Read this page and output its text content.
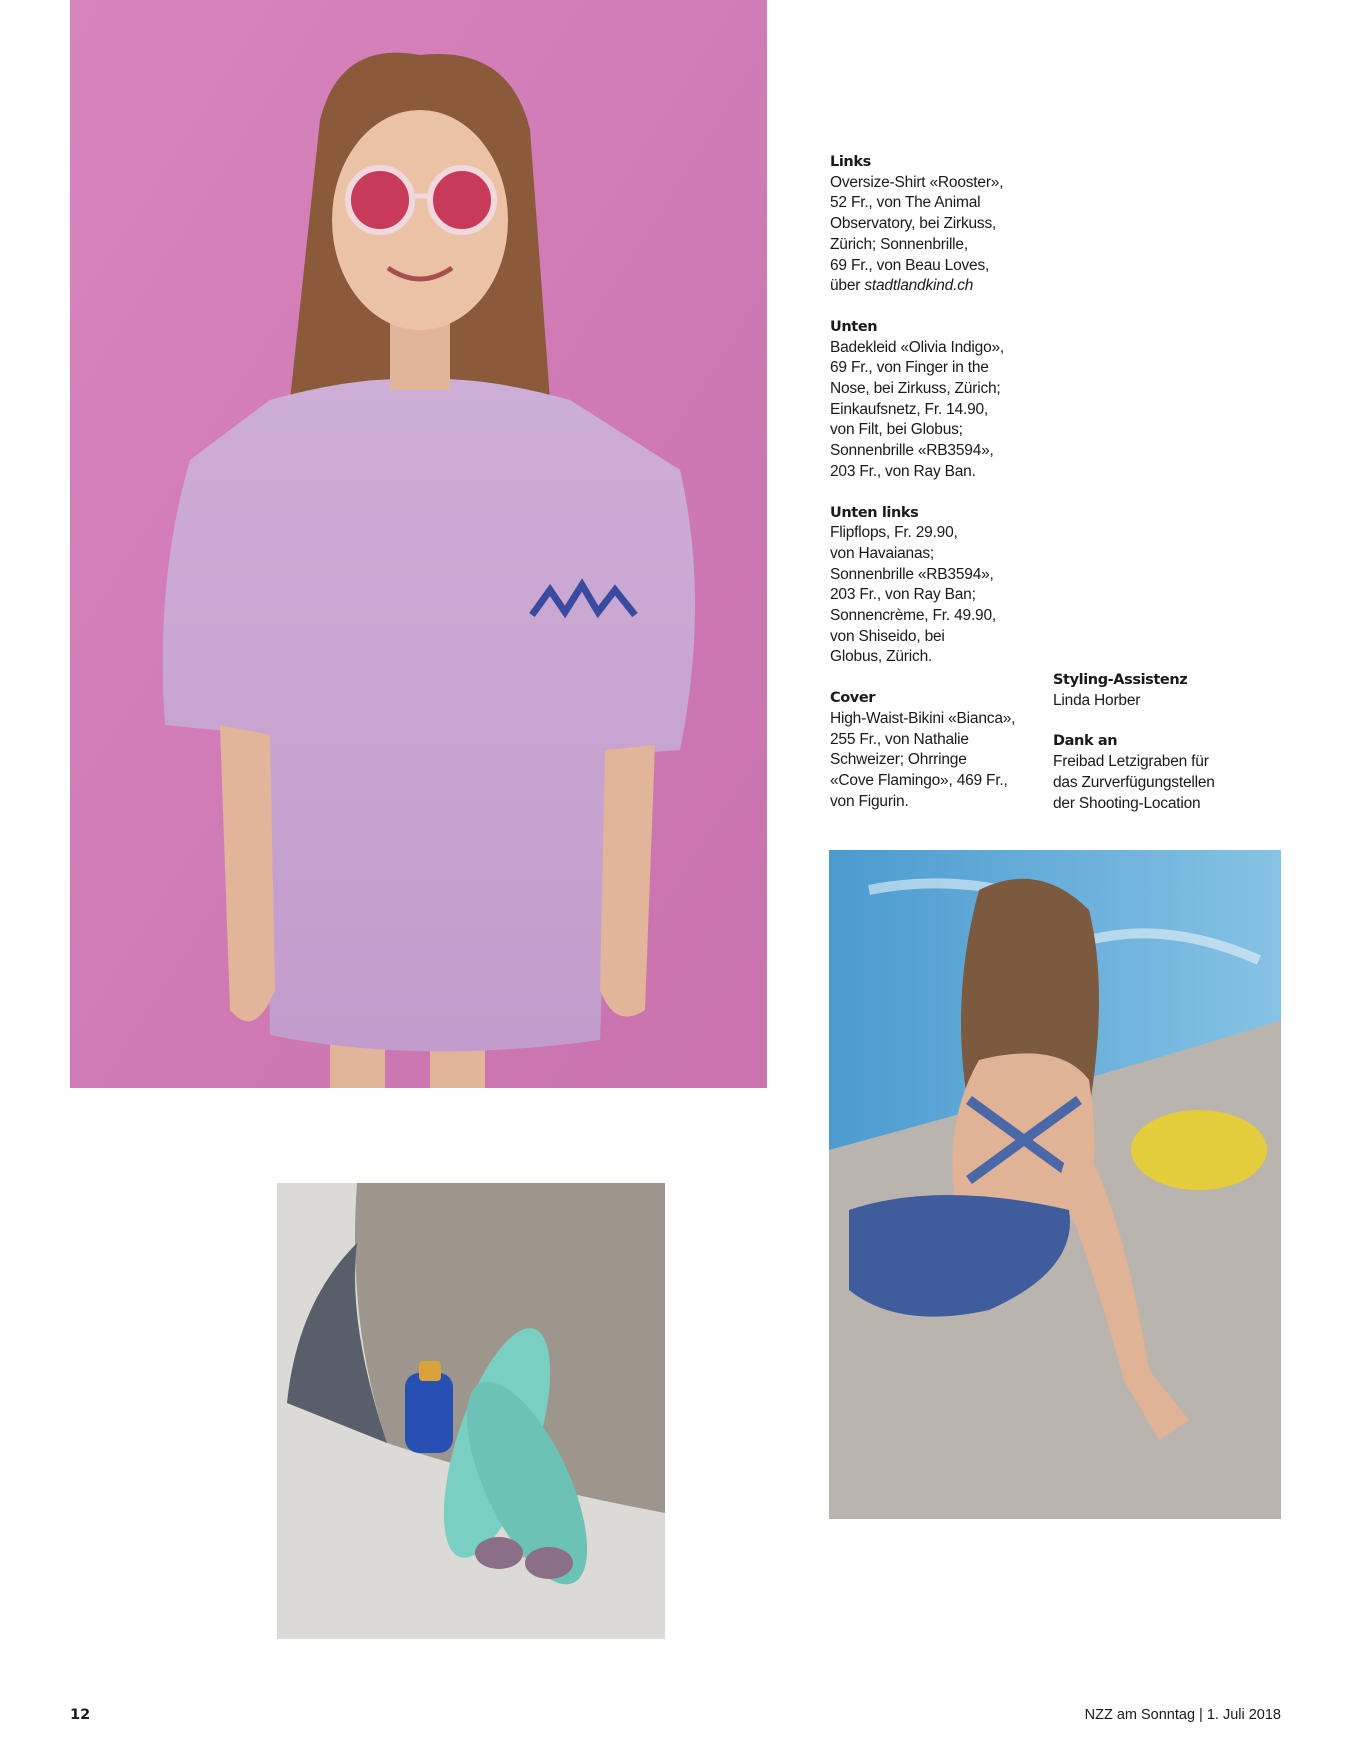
Links
Oversize-Shirt «Rooster»,
52 Fr., von The Animal
Observatory, bei Zirkuss,
Zürich; Sonnenbrille,
69 Fr., von Beau Loves,
über stadtlandkind.ch
Unten
Badekleid «Olivia Indigo»,
69 Fr., von Finger in the
Nose, bei Zirkuss, Zürich;
Einkaufsnetz, Fr. 14.90,
von Filt, bei Globus;
Sonnenbrille «RB3594»,
203 Fr., von Ray Ban.
Unten links
Flipflops, Fr. 29.90,
von Havaianas;
Sonnenbrille «RB3594»,
203 Fr., von Ray Ban;
Sonnencrème, Fr. 49.90,
von Shiseido, bei
Globus, Zürich.
Cover
High-Waist-Bikini «Bianca»,
255 Fr., von Nathalie
Schweizer; Ohrringe
«Cove Flamingo», 469 Fr.,
von Figurin.
Styling-Assistenz
Linda Horber
Dank an
Freibad Letzigraben für
das Zurverfügungstellen
der Shooting-Location
12	NZZ am Sonntag | 1. Juli 2018
